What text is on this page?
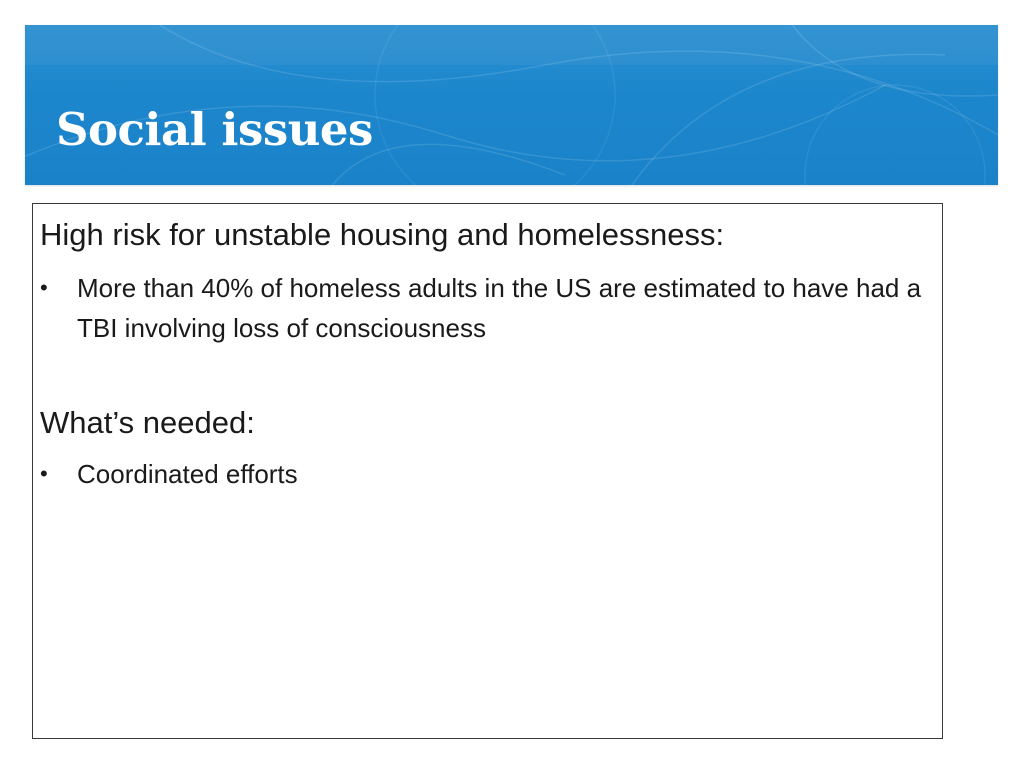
Social issues

High risk for unstable housing and homelessness:

• More than 40% of homeless adults in the US are estimated to have had a TBI involving loss of consciousness

What’s needed:

• Coordinated efforts
